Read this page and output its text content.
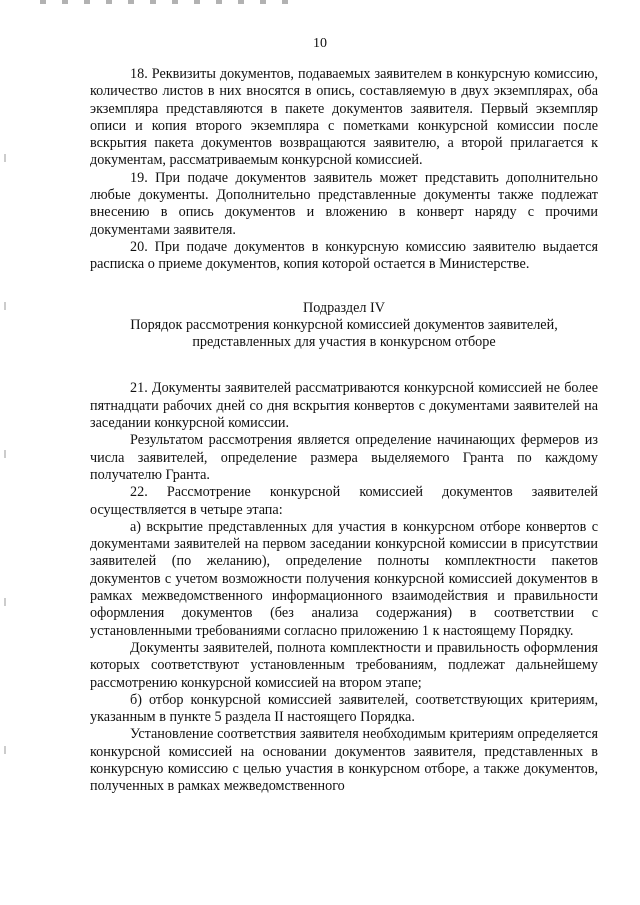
10

18. Реквизиты документов, подаваемых заявителем в конкурсную комиссию, количество листов в них вносятся в опись, составляемую в двух экземплярах, оба экземпляра представляются в пакете документов заявителя. Первый экземпляр описи и копия второго экземпляра с пометками конкурсной комиссии после вскрытия пакета документов возвращаются заявителю, а второй прилагается к документам, рассматриваемым конкурсной комиссией.

19. При подаче документов заявитель может представить дополнительно любые документы. Дополнительно представленные документы также подлежат внесению в опись документов и вложению в конверт наряду с прочими документами заявителя.

20. При подаче документов в конкурсную комиссию заявителю выдается расписка о приеме документов, копия которой остается в Министерстве.

Подраздел IV

Порядок рассмотрения конкурсной комиссией документов заявителей,

представленных для участия в конкурсном отборе

21. Документы заявителей рассматриваются конкурсной комиссией не более пятнадцати рабочих дней со дня вскрытия конвертов с документами заявителей на заседании конкурсной комиссии.

Результатом рассмотрения является определение начинающих фермеров из числа заявителей, определение размера выделяемого Гранта по каждому получателю Гранта.

22. Рассмотрение конкурсной комиссией документов заявителей осуществляется в четыре этапа:

а) вскрытие представленных для участия в конкурсном отборе конвертов с документами заявителей на первом заседании конкурсной комиссии в присутствии заявителей (по желанию), определение полноты комплектности пакетов документов с учетом возможности получения конкурсной комиссией документов в рамках межведомственного информационного взаимодействия и правильности оформления документов (без анализа содержания) в соответствии с установленными требованиями согласно приложению 1 к настоящему Порядку.

Документы заявителей, полнота комплектности и правильность оформления которых соответствуют установленным требованиям, подлежат дальнейшему рассмотрению конкурсной комиссией на втором этапе;

б) отбор конкурсной комиссией заявителей, соответствующих критериям, указанным в пункте 5 раздела II настоящего Порядка.

Установление соответствия заявителя необходимым критериям определяется конкурсной комиссией на основании документов заявителя, представленных в конкурсную комиссию с целью участия в конкурсном отборе, а также документов, полученных в рамках межведомственного
